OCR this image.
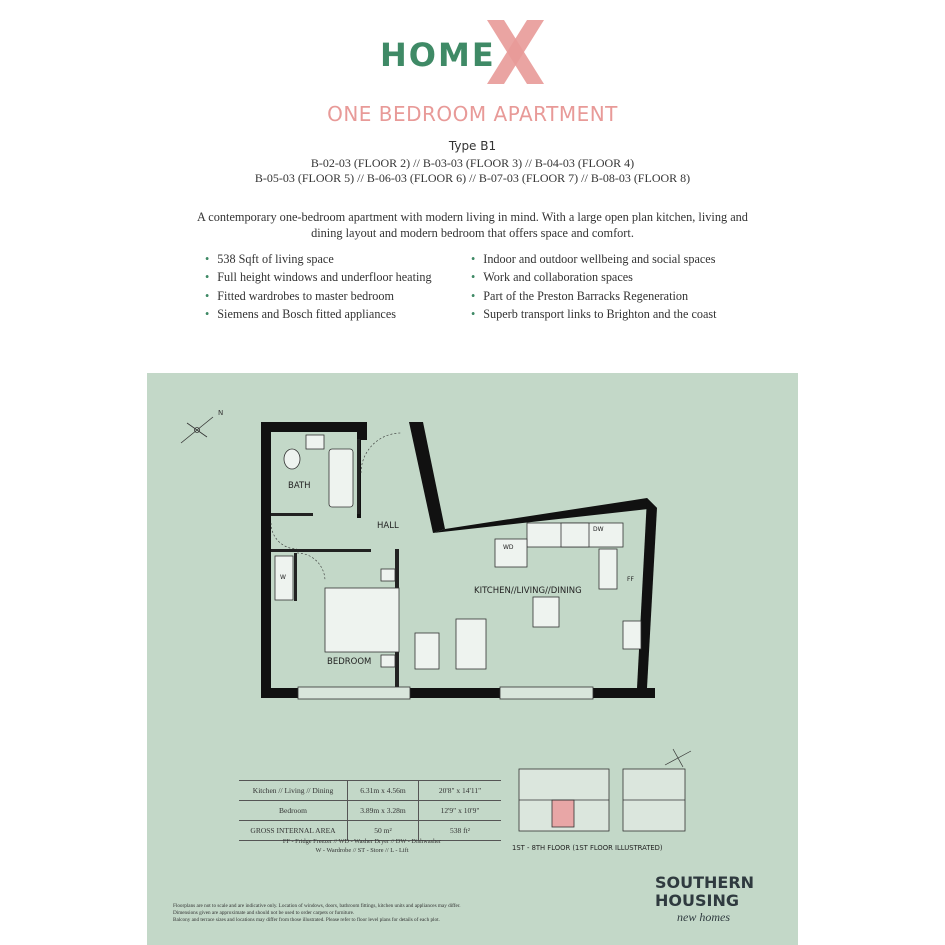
HOME
ONE BEDROOM APARTMENT
Type B1
B-02-03 (FLOOR 2) // B-03-03 (FLOOR 3) // B-04-03 (FLOOR 4)
B-05-03 (FLOOR 5) // B-06-03 (FLOOR 6) // B-07-03 (FLOOR 7) // B-08-03 (FLOOR 8)
A contemporary one-bedroom apartment with modern living in mind. With a large open plan kitchen, living and dining layout and modern bedroom that offers space and comfort.
• 538 Sqft of living space
• Full height windows and underfloor heating
• Fitted wardrobes to master bedroom
• Siemens and Bosch fitted appliances
• Indoor and outdoor wellbeing and social spaces
• Work and collaboration spaces
• Part of the Preston Barracks Regeneration
• Superb transport links to Brighton and the coast
N
BATH
HALL
BEDROOM
KITCHEN//LIVING//DINING
WD
DW
FF
W
Kitchen // Living // Dining	6.31m x 4.56m	20'8" x 14'11"
Bedroom	3.89m x 3.28m	12'9" x 10'9"
GROSS INTERNAL AREA	50 m²	538 ft²
FF - Fridge Freezer // WD - Washer Dryer // DW - Dishwasher
W - Wardrobe // ST - Store // L - Lift	1ST - 8TH FLOOR (1ST FLOOR ILLUSTRATED)
Floorplans are not to scale and are indicative only. Location of windows, doors, bathroom fittings, kitchen units and appliances may differ.
Dimensions given are approximate and should not be used to order carpets or furniture.
Balcony and terrace sizes and locations may differ from those illustrated. Please refer to floor level plans for details of each plot.
SOUTHERN
HOUSING
new homes
